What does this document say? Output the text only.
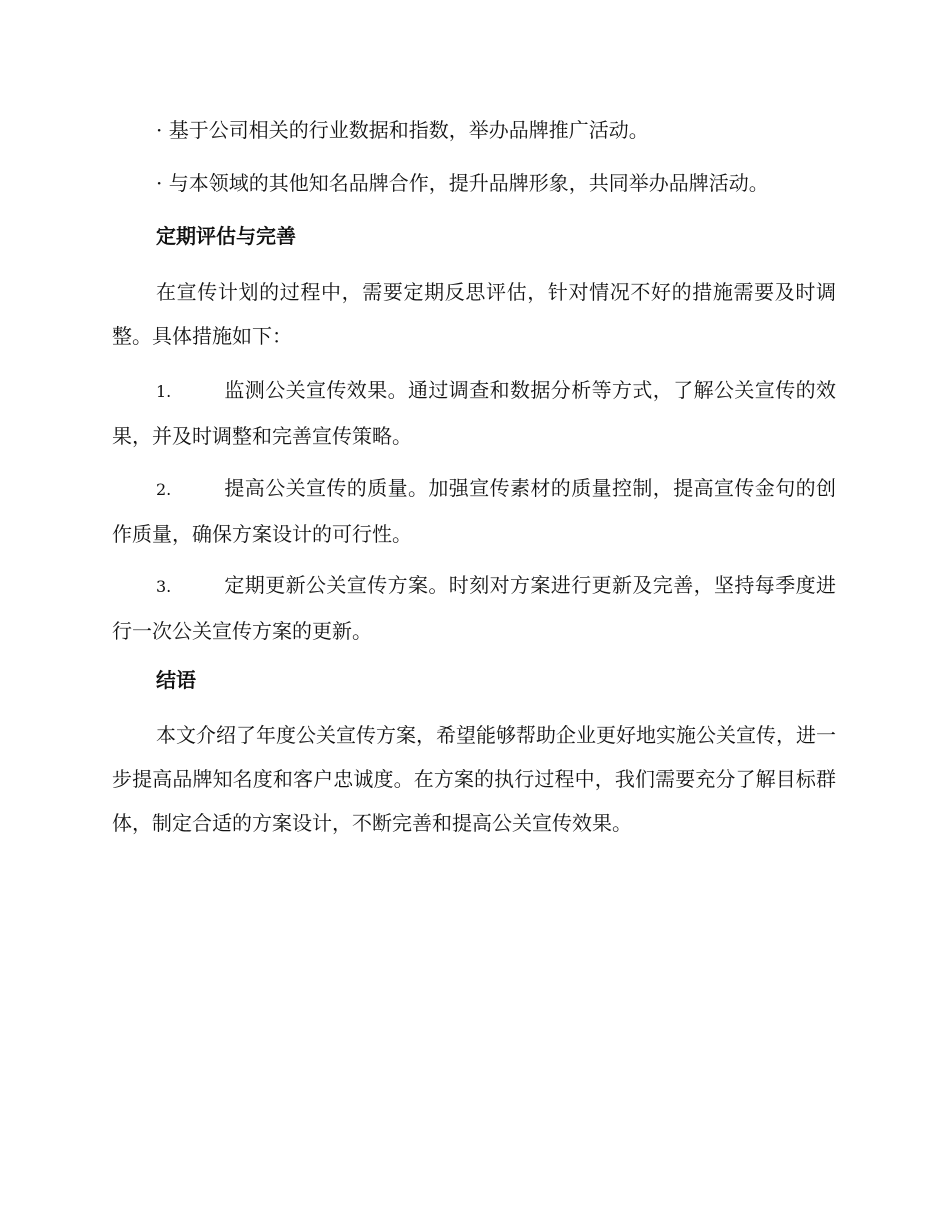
· 基于公司相关的行业数据和指数，举办品牌推广活动。
· 与本领域的其他知名品牌合作，提升品牌形象，共同举办品牌活动。
定期评估与完善
在宣传计划的过程中，需要定期反思评估，针对情况不好的措施需要及时调整。具体措施如下：
1.	监测公关宣传效果。通过调查和数据分析等方式，了解公关宣传的效果，并及时调整和完善宣传策略。
2.	提高公关宣传的质量。加强宣传素材的质量控制，提高宣传金句的创作质量，确保方案设计的可行性。
3.	定期更新公关宣传方案。时刻对方案进行更新及完善，坚持每季度进行一次公关宣传方案的更新。
结语
本文介绍了年度公关宣传方案，希望能够帮助企业更好地实施公关宣传，进一步提高品牌知名度和客户忠诚度。在方案的执行过程中，我们需要充分了解目标群体，制定合适的方案设计，不断完善和提高公关宣传效果。
